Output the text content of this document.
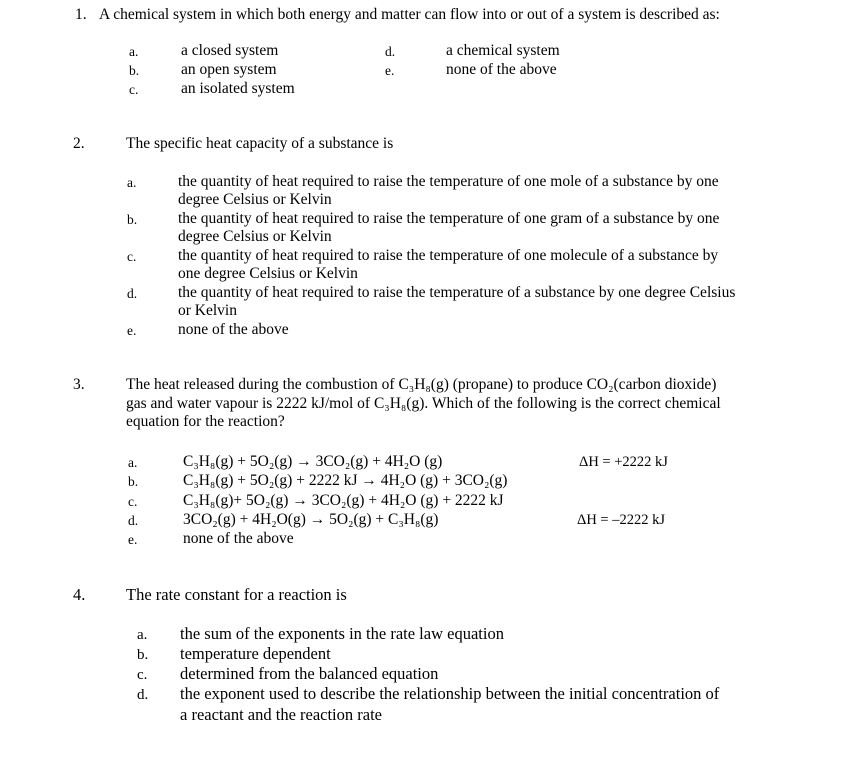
1. A chemical system in which both energy and matter can flow into or out of a system is described as:
a.	a closed system
b.	an open system
c.	an isolated system
d.	a chemical system
e.	none of the above
2.	The specific heat capacity of a substance is
a.	the quantity of heat required to raise the temperature of one mole of a substance by one
degree Celsius or Kelvin
b.	the quantity of heat required to raise the temperature of one gram of a substance by one
degree Celsius or Kelvin
c.	the quantity of heat required to raise the temperature of one molecule of a substance by
one degree Celsius or Kelvin
d.	the quantity of heat required to raise the temperature of a substance by one degree Celsius
or Kelvin
e.	none of the above
3.	The heat released during the combustion of C₃H₈(g) (propane) to produce CO₂(carbon dioxide)
gas and water vapour is 2222 kJ/mol of C₃H₈(g). Which of the following is the correct chemical
equation for the reaction?
a.	C₃H₈(g) + 5O₂(g) → 3CO₂(g) + 4H₂O (g)	ΔH = +2222 kJ
b.	C₃H₈(g) + 5O₂(g) + 2222 kJ → 4H₂O (g) + 3CO₂(g)
c.	C₃H₈(g)+ 5O₂(g) → 3CO₂(g) + 4H₂O (g) + 2222 kJ
d.	3CO₂(g) + 4H₂O(g) → 5O₂(g) + C₃H₈(g)	ΔH = –2222 kJ
e.	none of the above
4. The rate constant for a reaction is
a. the sum of the exponents in the rate law equation
b. temperature dependent
c. determined from the balanced equation
d. the exponent used to describe the relationship between the initial concentration of
a reactant and the reaction rate
